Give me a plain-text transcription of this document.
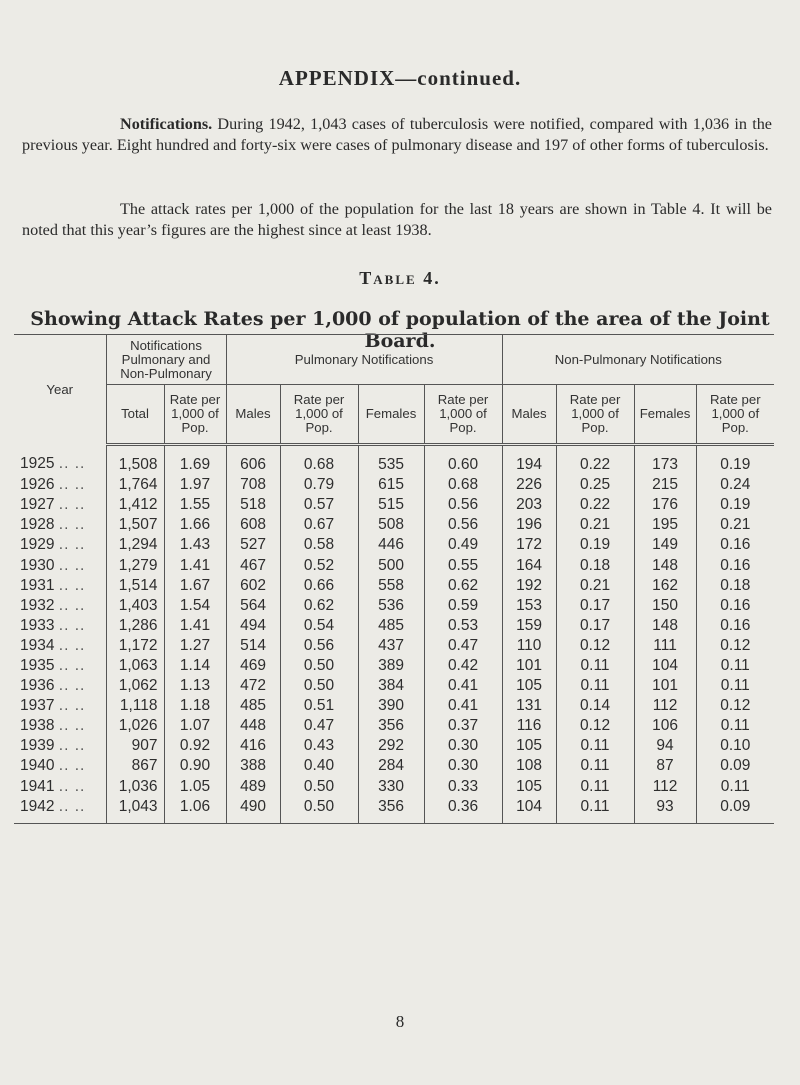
APPENDIX—continued.

Notifications. During 1942, 1,043 cases of tuberculosis were notified, compared with 1,036 in the previous year. Eight hundred and forty-six were cases of pulmonary disease and 197 of other forms of tuberculosis.

The attack rates per 1,000 of the population for the last 18 years are shown in Table 4. It will be noted that this year’s figures are the highest since at least 1938.

Table 4.
Showing Attack Rates per 1,000 of population of the area of the Joint Board.
Year	Notifications Pulmonary and Non-Pulmonary		Pulmonary Notifications				Non-Pulmonary Notifications			
	Total	Rate per 1,000 of Pop.	Males	Rate per 1,000 of Pop.	Females	Rate per 1,000 of Pop.	Males	Rate per 1,000 of Pop.	Females	Rate per 1,000 of Pop.
1925 .. ..	1,508	1.69	606	0.68	535	0.60	194	0.22	173	0.19
1926 .. ..	1,764	1.97	708	0.79	615	0.68	226	0.25	215	0.24
1927 .. ..	1,412	1.55	518	0.57	515	0.56	203	0.22	176	0.19
1928 .. ..	1,507	1.66	608	0.67	508	0.56	196	0.21	195	0.21
1929 .. ..	1,294	1.43	527	0.58	446	0.49	172	0.19	149	0.16
1930 .. ..	1,279	1.41	467	0.52	500	0.55	164	0.18	148	0.16
1931 .. ..	1,514	1.67	602	0.66	558	0.62	192	0.21	162	0.18
1932 .. ..	1,403	1.54	564	0.62	536	0.59	153	0.17	150	0.16
1933 .. ..	1,286	1.41	494	0.54	485	0.53	159	0.17	148	0.16
1934 .. ..	1,172	1.27	514	0.56	437	0.47	110	0.12	111	0.12
1935 .. ..	1,063	1.14	469	0.50	389	0.42	101	0.11	104	0.11
1936 .. ..	1,062	1.13	472	0.50	384	0.41	105	0.11	101	0.11
1937 .. ..	1,118	1.18	485	0.51	390	0.41	131	0.14	112	0.12
1938 .. ..	1,026	1.07	448	0.47	356	0.37	116	0.12	106	0.11
1939 .. ..	907	0.92	416	0.43	292	0.30	105	0.11	94	0.10
1940 .. ..	867	0.90	388	0.40	284	0.30	108	0.11	87	0.09
1941 .. ..	1,036	1.05	489	0.50	330	0.33	105	0.11	112	0.11
1942 .. ..	1,043	1.06	490	0.50	356	0.36	104	0.11	93	0.09

8
